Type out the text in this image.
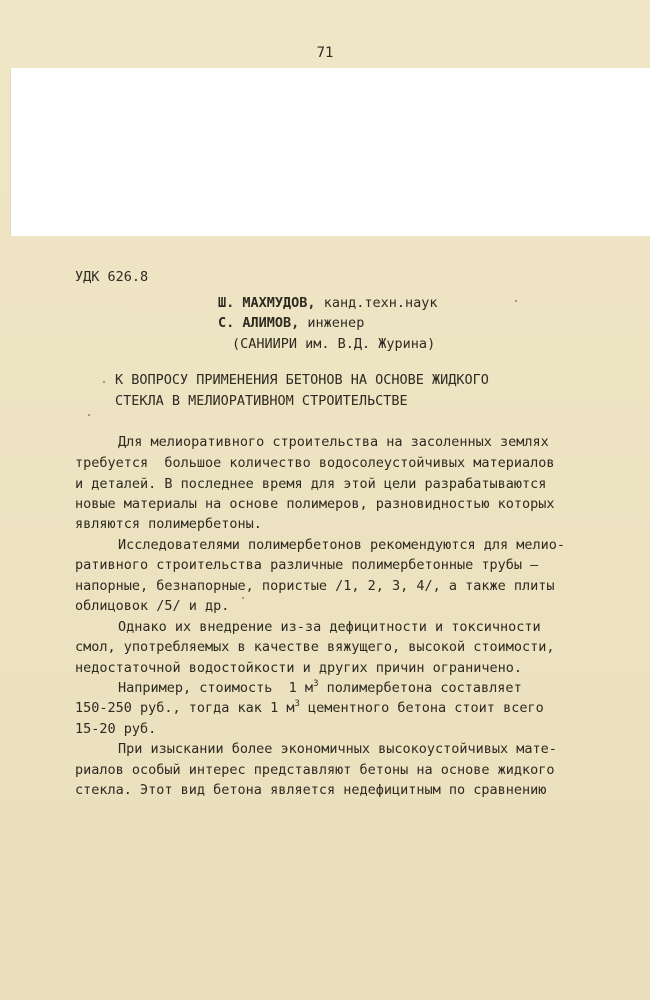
71
УДК 626.8
Ш. МАХМУДОВ, канд.техн.наук
С. АЛИМОВ, инженер
(САНИИРИ им. В.Д. Журина)
К ВОПРОСУ ПРИМЕНЕНИЯ БЕТОНОВ НА ОСНОВЕ ЖИДКОГО
СТЕКЛА В МЕЛИОРАТИВНОМ СТРОИТЕЛЬСТВЕ
Для мелиоративного строительства на засоленных землях
требуется  большое количество водосолеустойчивых материалов
и деталей. В последнее время для этой цели разрабатываются
новые материалы на основе полимеров, разновидностью которых
являются полимербетоны.
Исследователями полимербетонов рекомендуются для мелио-
ративного строительства различные полимербетонные трубы –
напорные, безнапорные, пористые /1, 2, 3, 4/, а также плиты
облицовок /5/ и др.
Однако их внедрение из-за дефицитности и токсичности
смол, употребляемых в качестве вяжущего, высокой стоимости,
недостаточной водостойкости и других причин ограничено.
Например, стоимость  1 $м^3$ полимербетона составляет
150-250 руб., тогда как 1 $м^3$ цементного бетона стоит всего
15-20 руб.
При изыскании более экономичных высокоустойчивых мате-
риалов особый интерес представляют бетоны на основе жидкого
стекла. Этот вид бетона является недефицитным по сравнению
